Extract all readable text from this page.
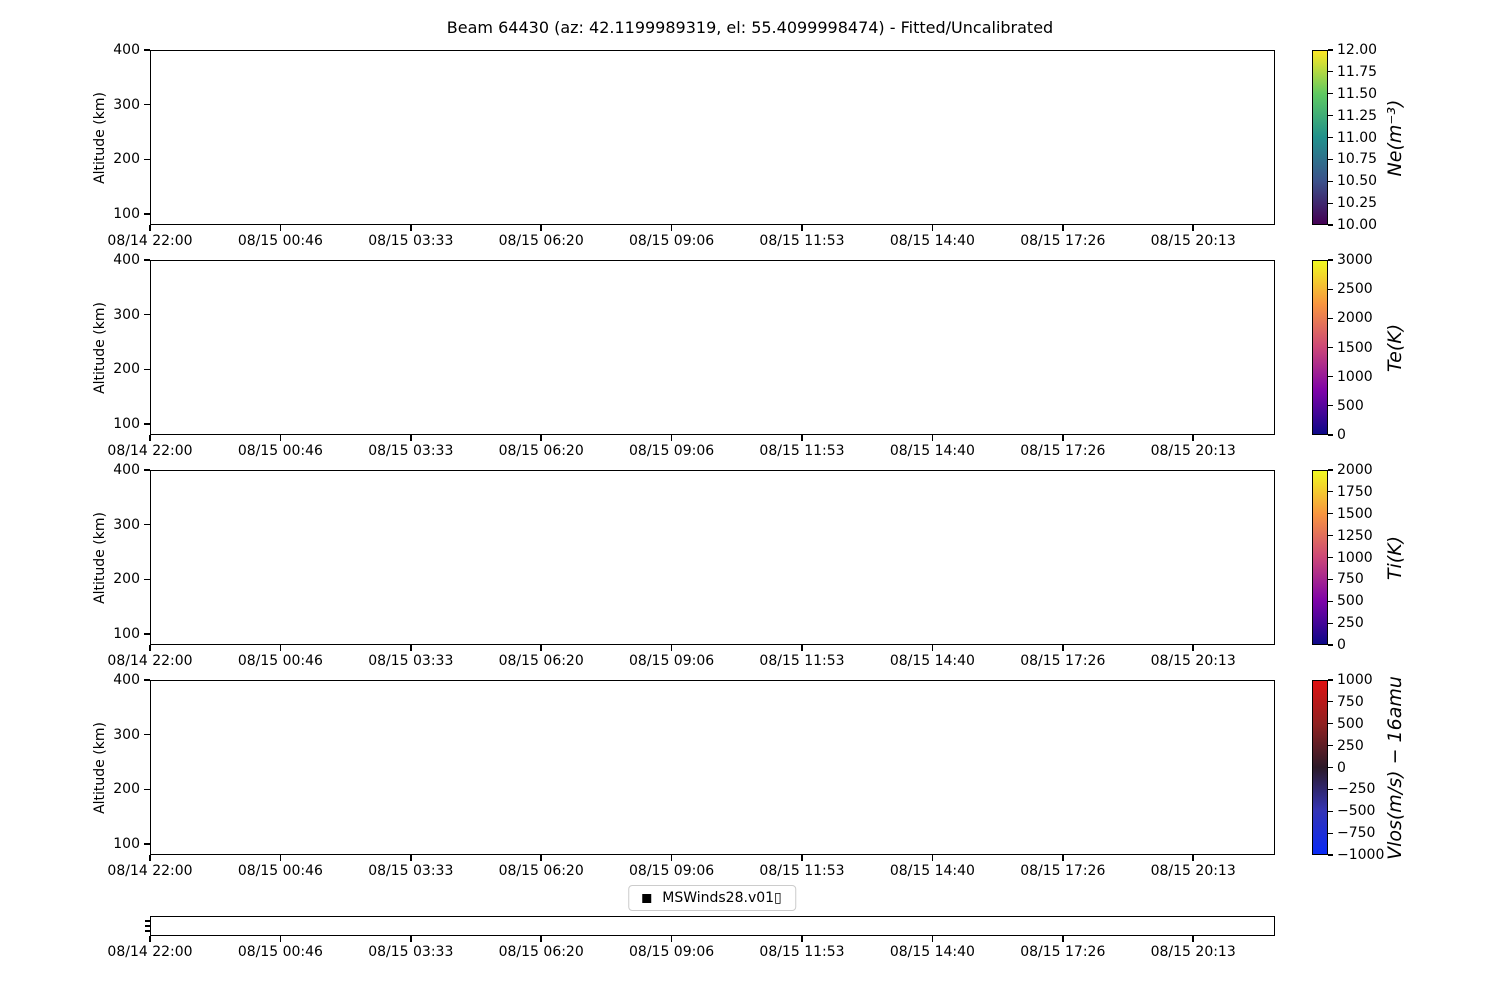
Beam 64430 (az: 42.1199989319, el: 55.4099998474) - Fitted/Uncalibrated
MSWinds28.v01▯
Altitude (km)
400
300
200
100
08/14 22:00	08/15 00:46	08/15 03:33	08/15 06:20	08/15 09:06	08/15 11:53	08/15 14:40	08/15 17:26	08/15 20:13
12.00
11.75
11.50
11.25
11.00
10.75
10.50
10.25
10.00
Ne(m⁻³)
Altitude (km)
400
300
200
100
08/14 22:00	08/15 00:46	08/15 03:33	08/15 06:20	08/15 09:06	08/15 11:53	08/15 14:40	08/15 17:26	08/15 20:13
3000
2500
2000
1500
1000
500
0
Te(K)
Altitude (km)
400
300
200
100
08/14 22:00	08/15 00:46	08/15 03:33	08/15 06:20	08/15 09:06	08/15 11:53	08/15 14:40	08/15 17:26	08/15 20:13
2000
1750
1500
1250
1000
750
500
250
0
Ti(K)
Altitude (km)
400
300
200
100
08/14 22:00	08/15 00:46	08/15 03:33	08/15 06:20	08/15 09:06	08/15 11:53	08/15 14:40	08/15 17:26	08/15 20:13
1000
750
500
250
0
−250
−500
−750
−1000 Vlos(m/s) − 16amu
08/14 22:00	08/15 00:46	08/15 03:33	08/15 06:20	08/15 09:06	08/15 11:53	08/15 14:40	08/15 17:26	08/15 20:13
